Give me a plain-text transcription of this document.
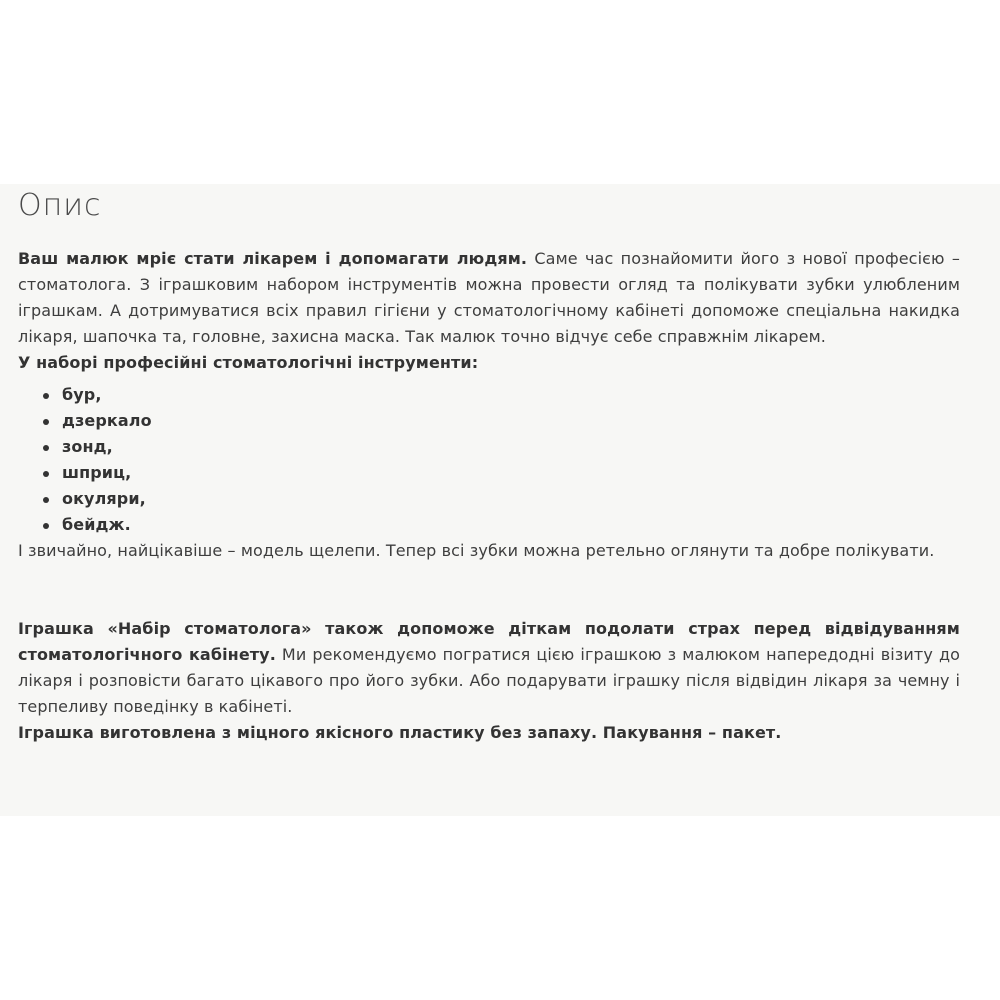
Опис

Ваш малюк мріє стати лікарем і допомагати людям. Саме час познайомити його з нової професією – стоматолога. З іграшковим набором інструментів можна провести огляд та полікувати зубки улюбленим іграшкам. А дотримуватися всіх правил гігієни у стоматологічному кабінеті допоможе спеціальна накидка лікаря, шапочка та, головне, захисна маска. Так малюк точно відчує себе справжнім лікарем.

У наборі професійні стоматологічні інструменти:

бур,
дзеркало
зонд,
шприц,
окуляри,
бейдж.

І звичайно, найцікавіше – модель щелепи. Тепер всі зубки можна ретельно оглянути та добре полікувати.

Іграшка «Набір стоматолога» також допоможе діткам подолати страх перед відвідуванням стоматологічного кабінету. Ми рекомендуємо погратися цією іграшкою з малюком напередодні візиту до лікаря і розповісти багато цікавого про його зубки. Або подарувати іграшку після відвідин лікаря за чемну і терпеливу поведінку в кабінеті.

Іграшка виготовлена з міцного якісного пластику без запаху. Пакування – пакет.
